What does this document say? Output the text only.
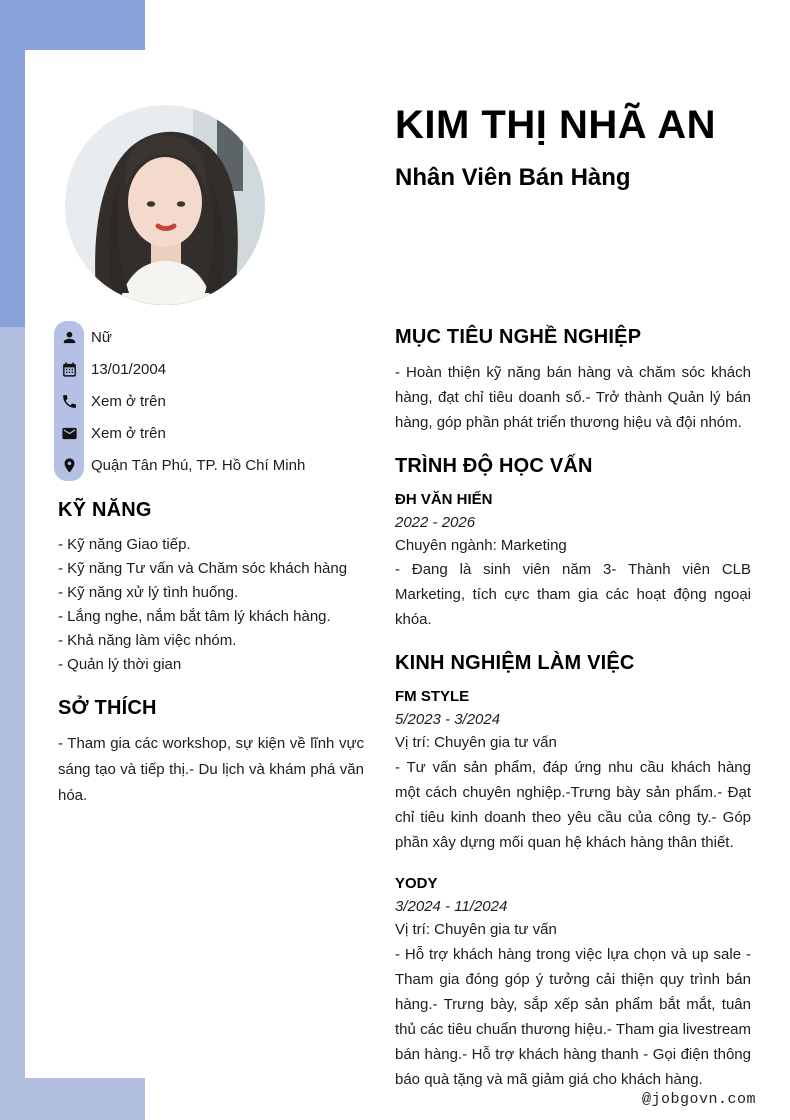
KIM THỊ NHÃ AN
Nhân Viên Bán Hàng
Nữ
13/01/2004
Xem ở trên
Xem ở trên
Quận Tân Phú, TP. Hồ Chí Minh
KỸ NĂNG
- Kỹ năng Giao tiếp.
- Kỹ năng Tư vấn và Chăm sóc khách hàng
- Kỹ năng xử lý tình huống.
- Lắng nghe, nắm bắt tâm lý khách hàng.
- Khả năng làm việc nhóm.
- Quản lý thời gian
SỞ THÍCH

- Tham gia các workshop, sự kiện về lĩnh vực sáng tạo và tiếp thị.- Du lịch và khám phá văn hóa.

MỤC TIÊU NGHỀ NGHIỆP

- Hoàn thiện kỹ năng bán hàng và chăm sóc khách hàng, đạt chỉ tiêu doanh số.- Trở thành Quản lý bán hàng, góp phần phát triển thương hiệu và đội nhóm.

TRÌNH ĐỘ HỌC VẤN
ĐH VĂN HIẾN
2022 - 2026
Chuyên ngành: Marketing

- Đang là sinh viên năm 3- Thành viên CLB Marketing, tích cực tham gia các hoạt động ngoại khóa.

KINH NGHIỆM LÀM VIỆC
FM STYLE
5/2023 - 3/2024
Vị trí: Chuyên gia tư vấn

- Tư vấn sản phẩm, đáp ứng nhu cầu khách hàng một cách chuyên nghiệp.-Trưng bày sản phẩm.- Đạt chỉ tiêu kinh doanh theo yêu cầu của công ty.- Góp phần xây dựng mối quan hệ khách hàng thân thiết.

YODY
3/2024 - 11/2024
Vị trí: Chuyên gia tư vấn

- Hỗ trợ khách hàng trong việc lựa chọn và up sale - Tham gia đóng góp ý tưởng cải thiện quy trình bán hàng.- Trưng bày, sắp xếp sản phẩm bắt mắt, tuân thủ các tiêu chuẩn thương hiệu.- Tham gia livestream bán hàng.- Hỗ trợ khách hàng thanh - Gọi điện thông báo quà tặng và mã giảm giá cho khách hàng.

@jobgovn.com
